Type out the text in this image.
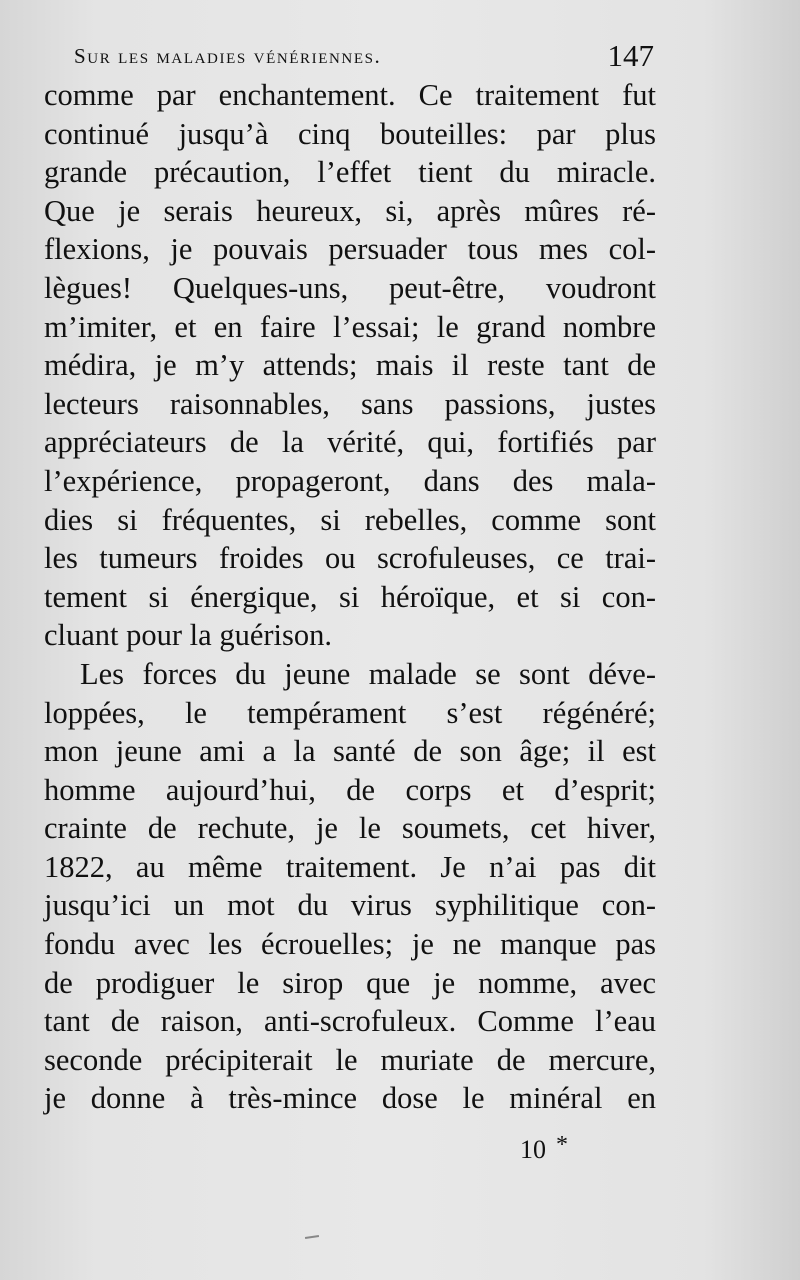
Sur les maladies vénériennes.	147
comme par enchantement. Ce traitement fut
continué jusqu’à cinq bouteilles: par plus
grande précaution, l’effet tient du miracle.
Que je serais heureux, si, après mûres ré-
flexions, je pouvais persuader tous mes col-
lègues! Quelques-uns, peut-être, voudront
m’imiter, et en faire l’essai; le grand nombre
médira, je m’y attends; mais il reste tant de
lecteurs raisonnables, sans passions, justes
appréciateurs de la vérité, qui, fortifiés par
l’expérience, propageront, dans des mala-
dies si fréquentes, si rebelles, comme sont
les tumeurs froides ou scrofuleuses, ce trai-
tement si énergique, si héroïque, et si con-
cluant pour la guérison.
Les forces du jeune malade se sont déve-
loppées, le tempérament s’est régénéré;
mon jeune ami a la santé de son âge; il est
homme aujourd’hui, de corps et d’esprit;
crainte de rechute, je le soumets, cet hiver,
1822, au même traitement. Je n’ai pas dit
jusqu’ici un mot du virus syphilitique con-
fondu avec les écrouelles; je ne manque pas
de prodiguer le sirop que je nomme, avec
tant de raison, anti-scrofuleux. Comme l’eau
seconde précipiterait le muriate de mercure,
je donne à très-mince dose le minéral en
10 *
